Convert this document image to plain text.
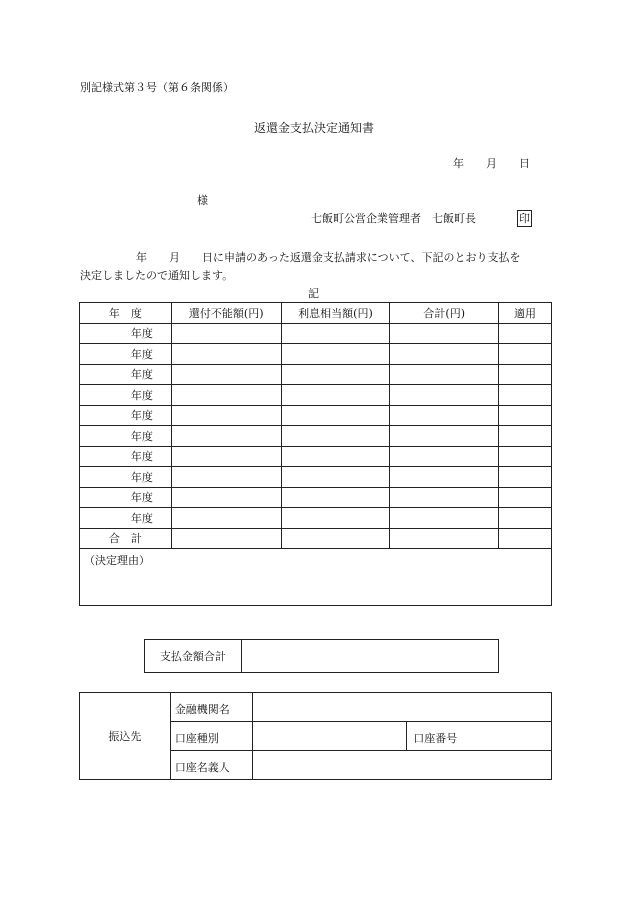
別記様式第３号（第６条関係）
返還金支払決定通知書
年　　月　　日
様
七飯町公営企業管理者　七飯町長	印
年　　月　　日に申請のあった返還金支払請求について、下記のとおり支払を
決定しましたので通知します。
記
年　度	還付不能額(円)	利息相当額(円)	合計(円)	適用
年度				
年度				
年度				
年度				
年度				
年度				
年度				
年度				
年度				
年度				
合　計				
（決定理由）				
支払金額合計	
振込先	金融機関名		
	口座種別		口座番号
	口座名義人		
